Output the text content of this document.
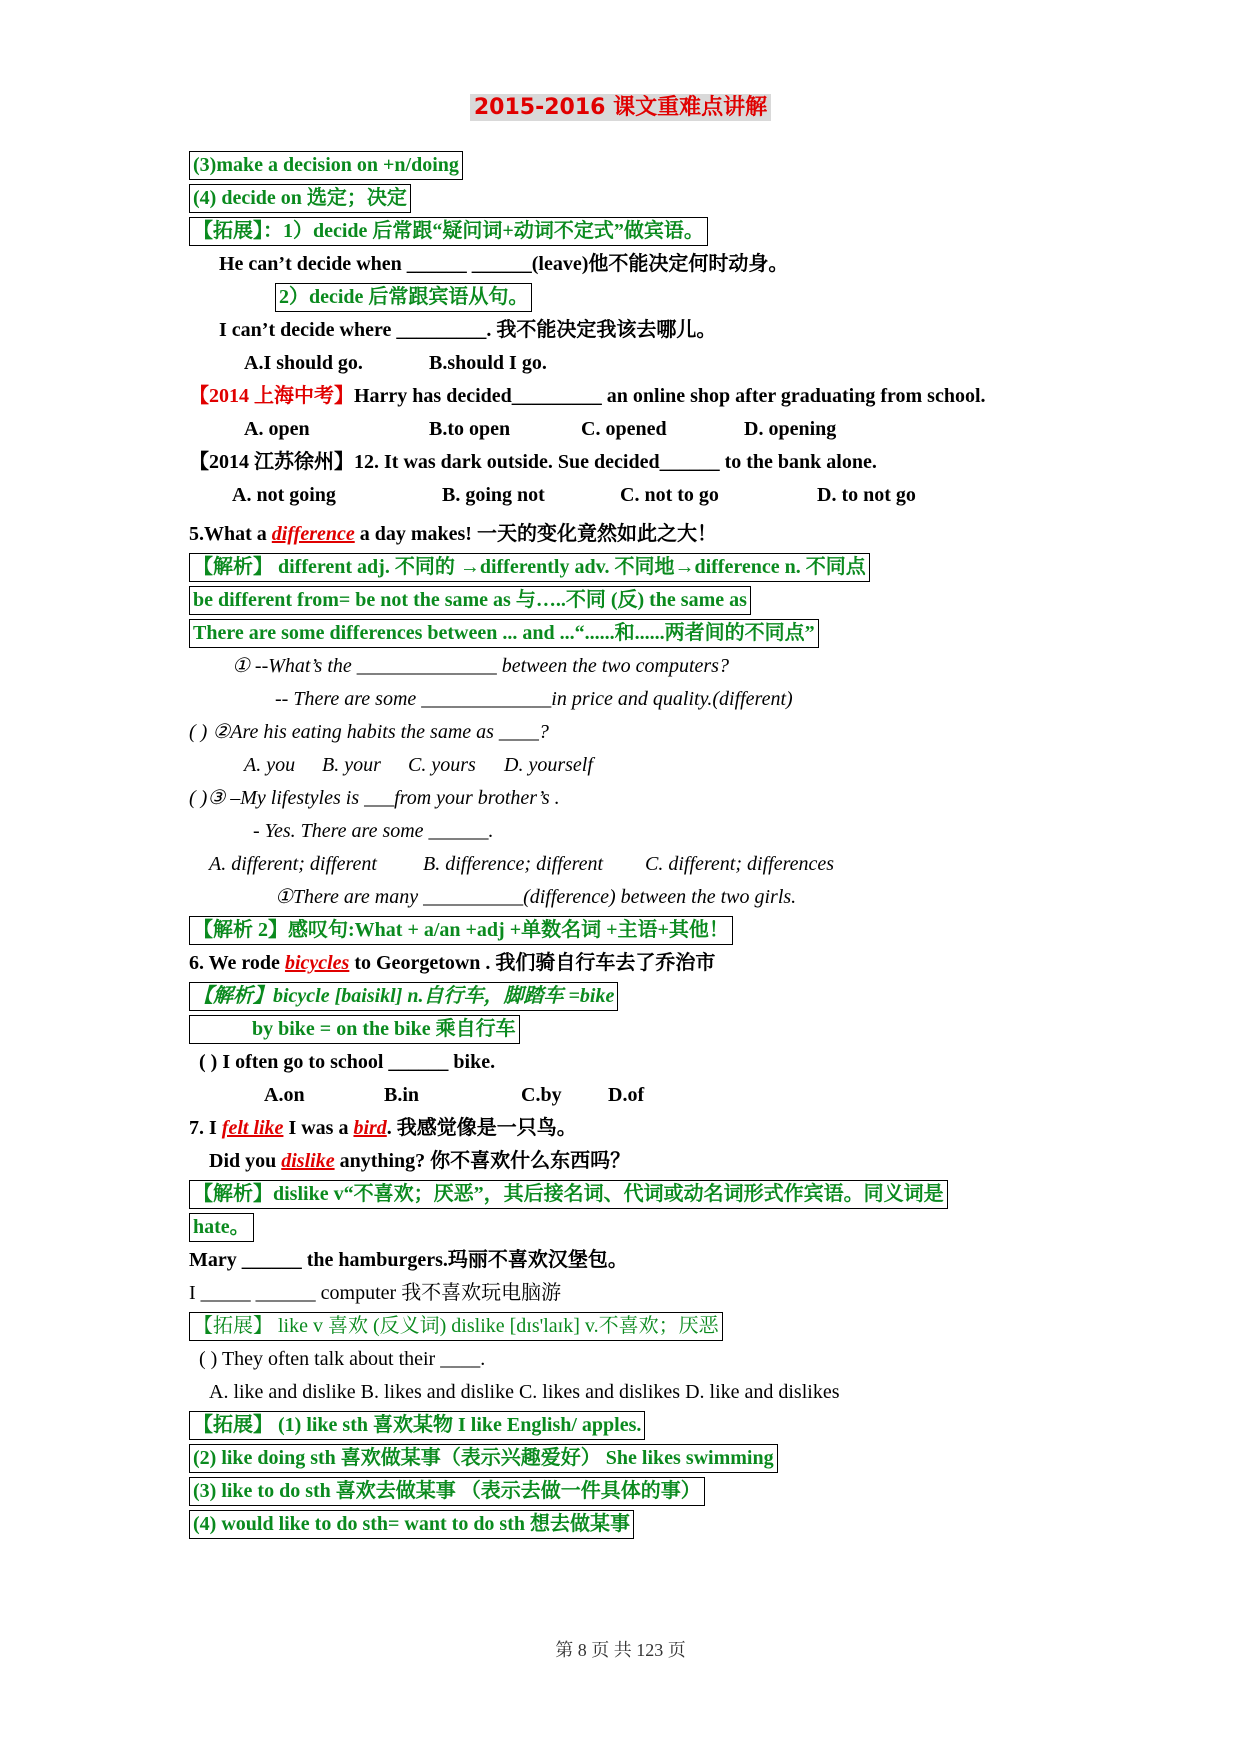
2015-2016 课文重难点讲解
(3)make a decision on +n/doing
(4) decide on 选定；决定
【拓展】：1）decide 后常跟“疑问词+动词不定式”做宾语。
He can’t decide when ______ ______(leave)他不能决定何时动身。
2）decide 后常跟宾语从句。
I can’t decide where _________. 我不能决定我该去哪儿。
A.I should go.	B.should I go.
【2014 上海中考】Harry has decided_________ an online shop after graduating from school.
A. open	B.to open	C. opened	D. opening
【2014 江苏徐州】12. It was dark outside. Sue decided______ to the bank alone.
A. not going	B. going not	C. not to go	D. to not go
5.What a difference a day makes! 一天的变化竟然如此之大！
【解析】 different adj. 不同的 →differently adv. 不同地→difference n. 不同点
be different from= be not the same as 与…..不同 (反) the same as
There are some differences between ... and ...“......和......两者间的不同点”
① --What’s the ______________ between the two computers?
-- There are some _____________in price and quality.(different)
( ) ②Are his eating habits the same as ____?
A. you B. your C. yours D. yourself
( )③ –My lifestyles is ___from your brother’s .
- Yes. There are some ______.
A. different; different B. difference; different C. different; differences
①There are many __________(difference) between the two girls.
【解析 2】感叹句:What + a/an +adj +单数名词 +主语+其他！
6. We rode bicycles to Georgetown . 我们骑自行车去了乔治市
【解析】bicycle [baisikl] n.自行车，脚踏车 =bike
by bike = on the bike 乘自行车
( ) I often go to school ______ bike.
A.on	B.in	C.by D.of
7. I felt like I was a bird. 我感觉像是一只鸟。
Did you dislike anything? 你不喜欢什么东西吗？
【解析】dislike v“不喜欢；厌恶”，其后接名词、代词或动名词形式作宾语。同义词是
hate。
Mary ______ the hamburgers.玛丽不喜欢汉堡包。
I _____ ______ computer 我不喜欢玩电脑游
【拓展】 like v 喜欢 (反义词) dislike [dɪs'laɪk] v.不喜欢；厌恶
( ) They often talk about their ____.
A. like and dislike B. likes and dislike C. likes and dislikes D. like and dislikes
【拓展】 (1) like sth 喜欢某物 I like English/ apples.
(2) like doing sth 喜欢做某事（表示兴趣爱好） She likes swimming
(3) like to do sth 喜欢去做某事 （表示去做一件具体的事）
(4) would like to do sth= want to do sth 想去做某事
第 8 页 共 123 页
